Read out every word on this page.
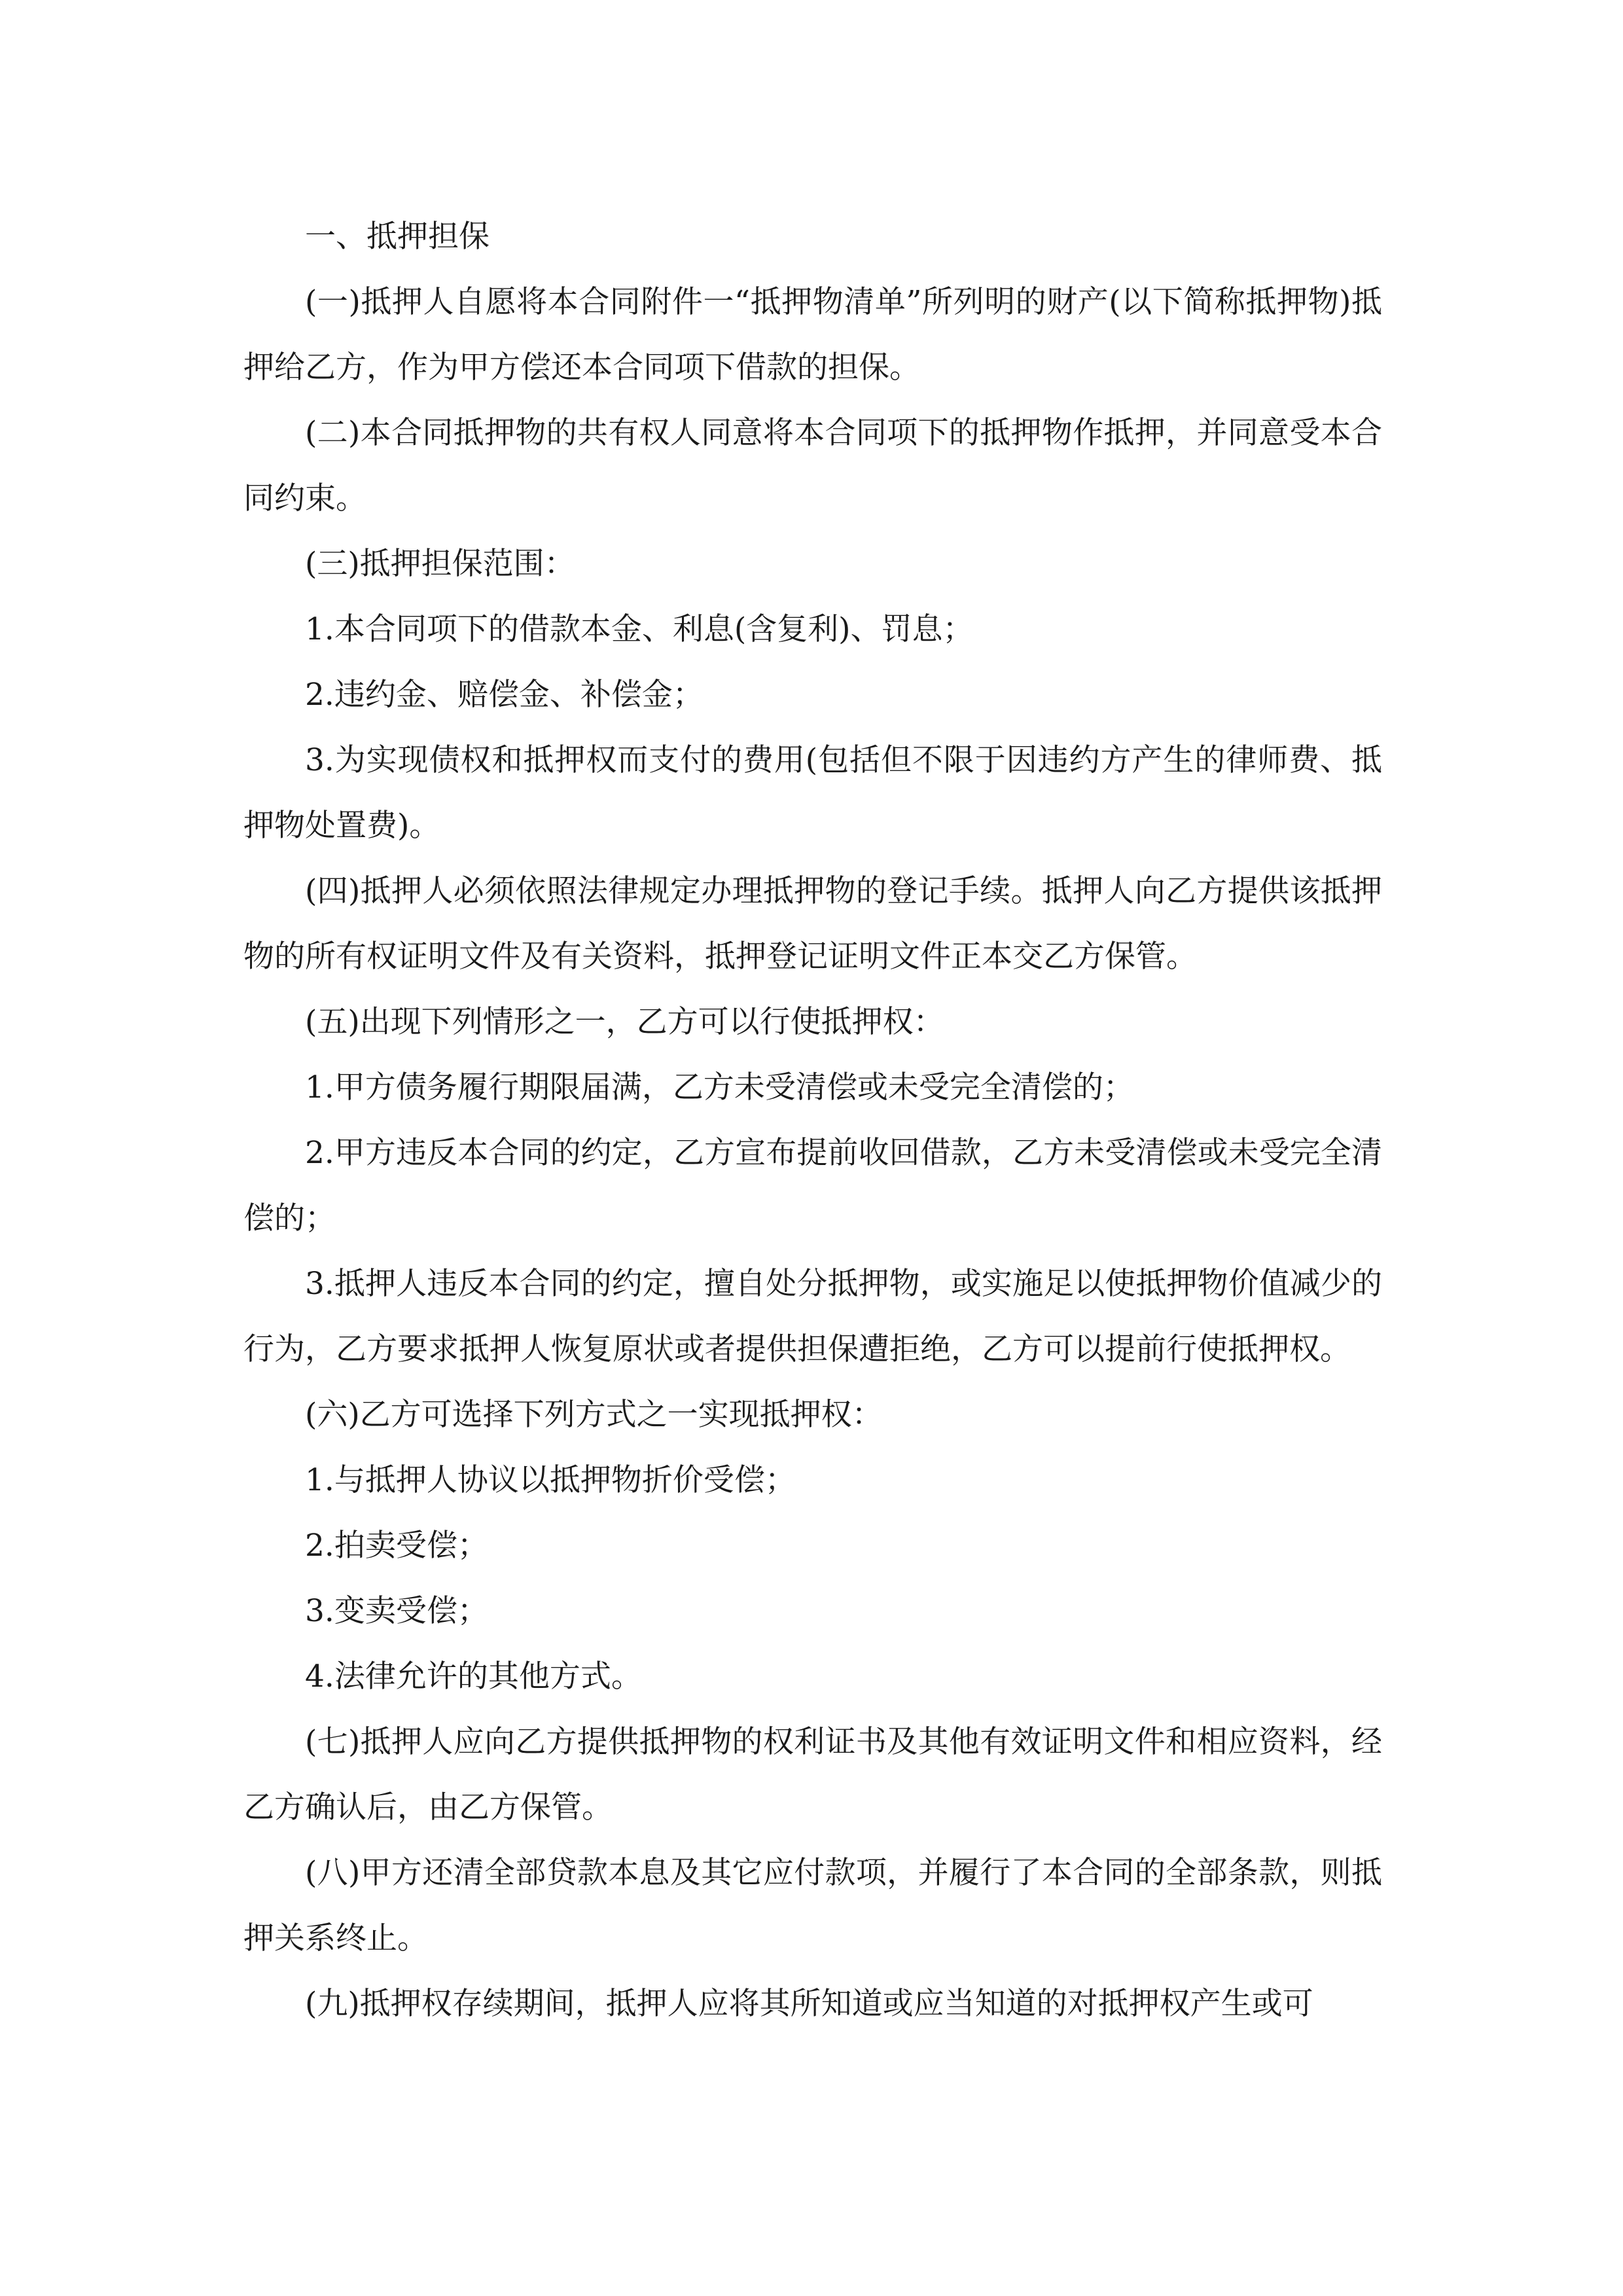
一、抵押担保

(一)抵押人自愿将本合同附件一“抵押物清单”所列明的财产(以下简称抵押物)抵押给乙方，作为甲方偿还本合同项下借款的担保。

(二)本合同抵押物的共有权人同意将本合同项下的抵押物作抵押，并同意受本合同约束。

(三)抵押担保范围：

1.本合同项下的借款本金、利息(含复利)、罚息；

2.违约金、赔偿金、补偿金；

3.为实现债权和抵押权而支付的费用(包括但不限于因违约方产生的律师费、抵押物处置费)。

(四)抵押人必须依照法律规定办理抵押物的登记手续。抵押人向乙方提供该抵押物的所有权证明文件及有关资料，抵押登记证明文件正本交乙方保管。

(五)出现下列情形之一，乙方可以行使抵押权：

1.甲方债务履行期限届满，乙方未受清偿或未受完全清偿的；

2.甲方违反本合同的约定，乙方宣布提前收回借款，乙方未受清偿或未受完全清偿的；

3.抵押人违反本合同的约定，擅自处分抵押物，或实施足以使抵押物价值减少的行为，乙方要求抵押人恢复原状或者提供担保遭拒绝，乙方可以提前行使抵押权。

(六)乙方可选择下列方式之一实现抵押权：

1.与抵押人协议以抵押物折价受偿；

2.拍卖受偿；

3.变卖受偿；

4.法律允许的其他方式。

(七)抵押人应向乙方提供抵押物的权利证书及其他有效证明文件和相应资料，经乙方确认后，由乙方保管。

(八)甲方还清全部贷款本息及其它应付款项，并履行了本合同的全部条款，则抵押关系终止。

(九)抵押权存续期间，抵押人应将其所知道或应当知道的对抵押权产生或可
